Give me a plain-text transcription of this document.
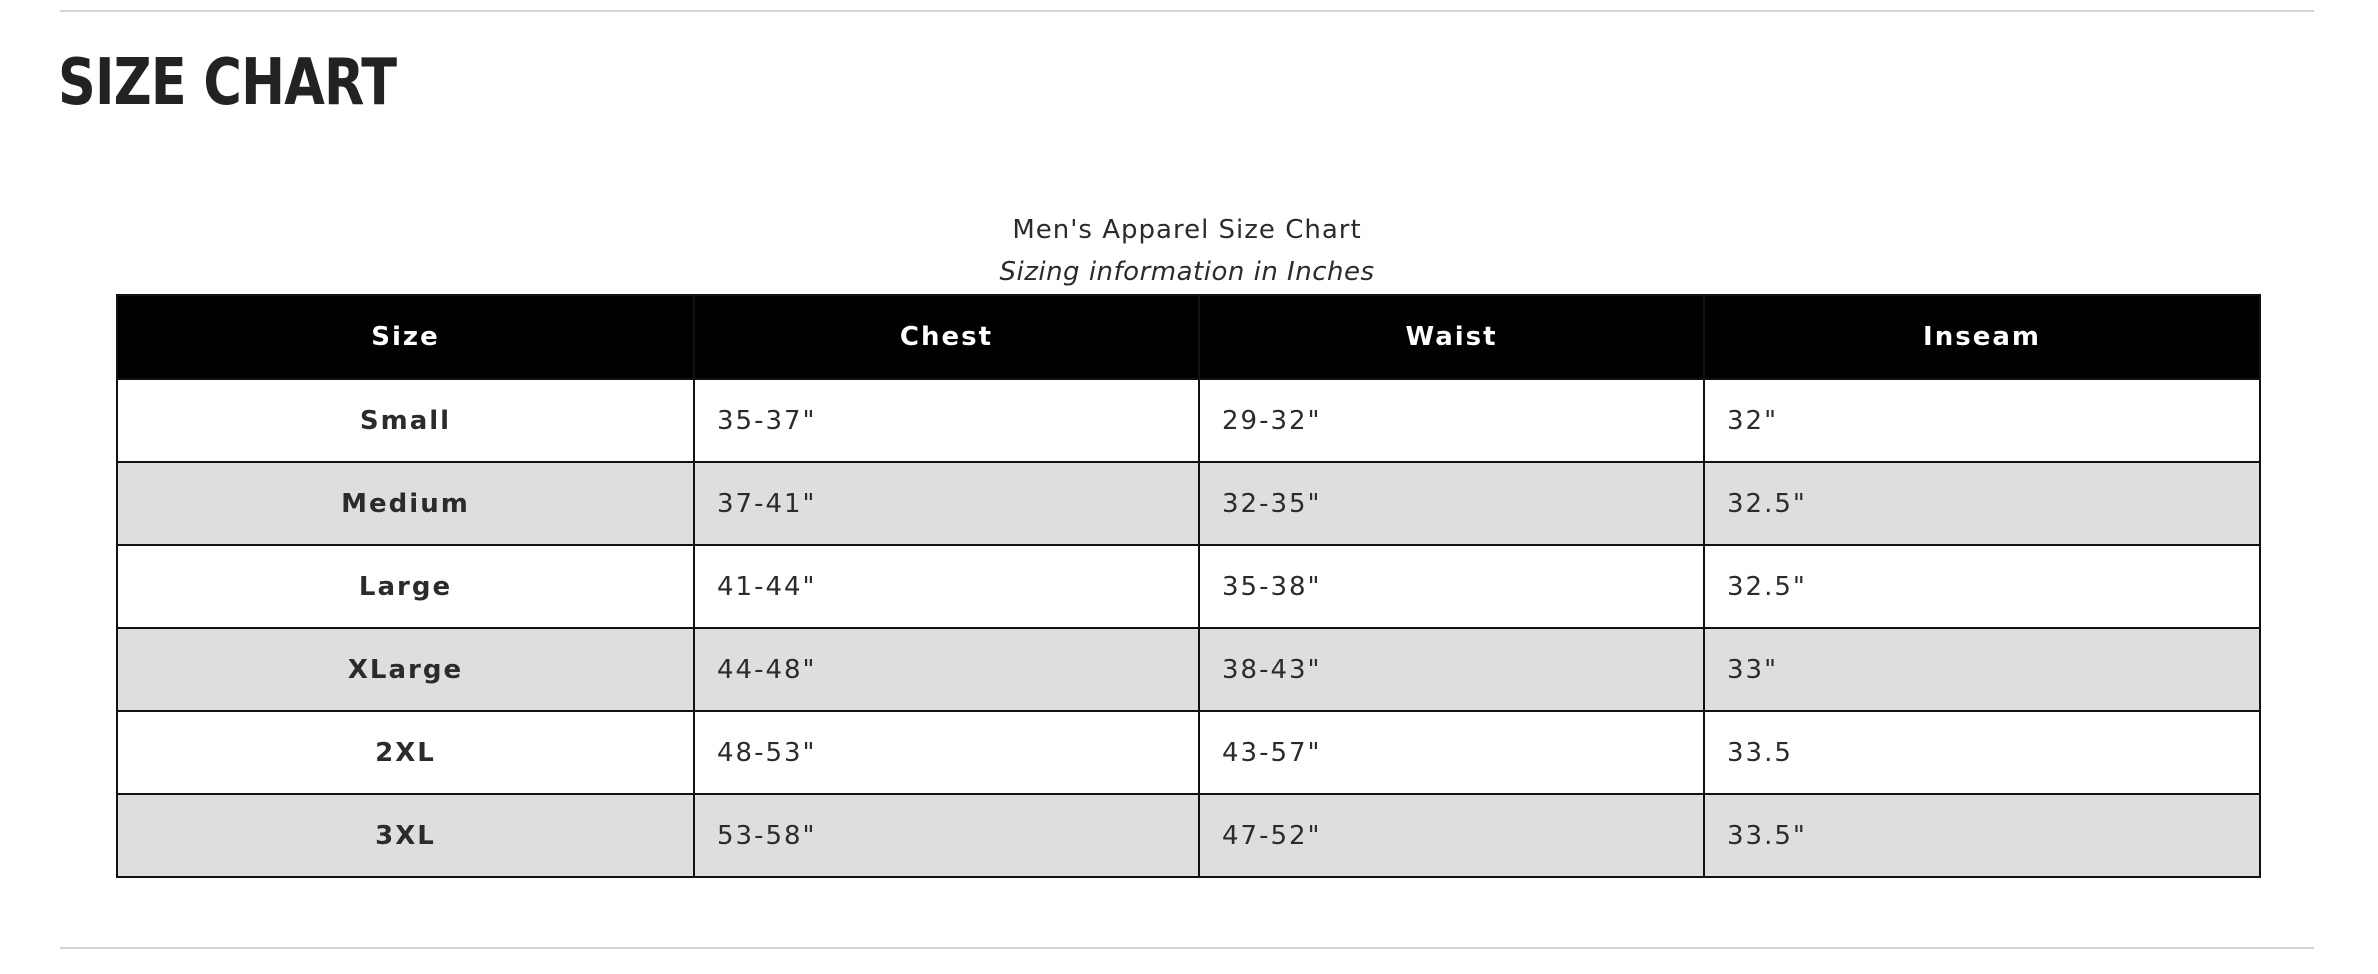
SIZE CHART
Men's Apparel Size Chart
Sizing information in Inches
Size	Chest	Waist	Inseam
Small	35-37"	29-32"	32"
Medium	37-41"	32-35"	32.5"
Large	41-44"	35-38"	32.5"
XLarge	44-48"	38-43"	33"
2XL	48-53"	43-57"	33.5
3XL	53-58"	47-52"	33.5"
